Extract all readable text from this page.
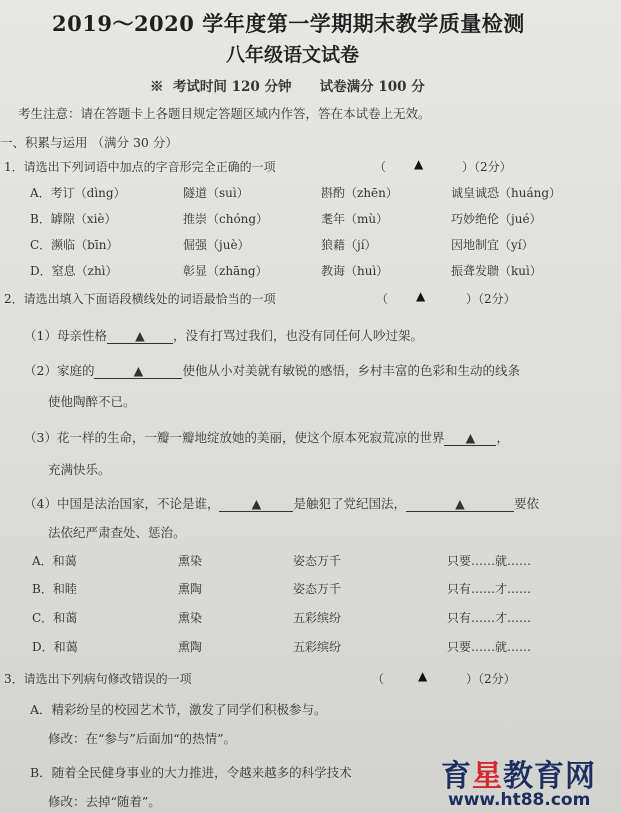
2019～2020 学年度第一学期期末教学质量检测
八年级语文试卷
※  考试时间 120 分钟      试卷满分 100 分
考生注意：请在答题卡上各题目规定答题区域内作答，答在本试卷上无效。
一、积累与运用 （满分 30 分）
1．请选出下列词语中加点的字音形完全正确的一项	（ ▲	）（2分）
A．考订（dìng）	隧道（suì）	斟酌（zhēn）	诚皇诚恐（huáng）
B．罅隙（xiè）	推崇（chóng）	耄年（mù）	巧妙绝伦（jué）
C．濒临（bīn）	倔强（juè）	狼藉（jí）	因地制宜（yí）
D．窒息（zhì）	彰显（zhāng）	教诲（huì）	振聋发聩（kuì）
2．请选出填入下面语段横线处的词语最恰当的一项	（ ▲	）（2分）
（1）母亲性格 ▲ ，没有打骂过我们，也没有同任何人吵过架。
（2）家庭的	▲	使他从小对美就有敏锐的感悟，乡村丰富的色彩和生动的线条
使他陶醉不已。
（3）花一样的生命，一瓣一瓣地绽放她的美丽，使这个原本死寂荒凉的世界 ▲ ，
充满快乐。
（4）中国是法治国家，不论是谁，	▲	是触犯了党纪国法，	▲	要依
法依纪严肃查处、惩治。
A．和蔼	熏染	姿态万千	只要……就……
B．和睦	熏陶	姿态万千	只有……才……
C．和蔼	熏染	五彩缤纷	只有……才……
D．和蔼	熏陶	五彩缤纷	只要……就……
3．请选出下列病句修改错误的一项	（	▲	）（2分）
A．精彩纷呈的校园艺术节，激发了同学们积极参与。
修改：在“参与”后面加“的热情”。
B．随着全民健身事业的大力推进，令越来越多的科学技术
修改：去掉“随着”。
育星教育网
www.ht88.com
